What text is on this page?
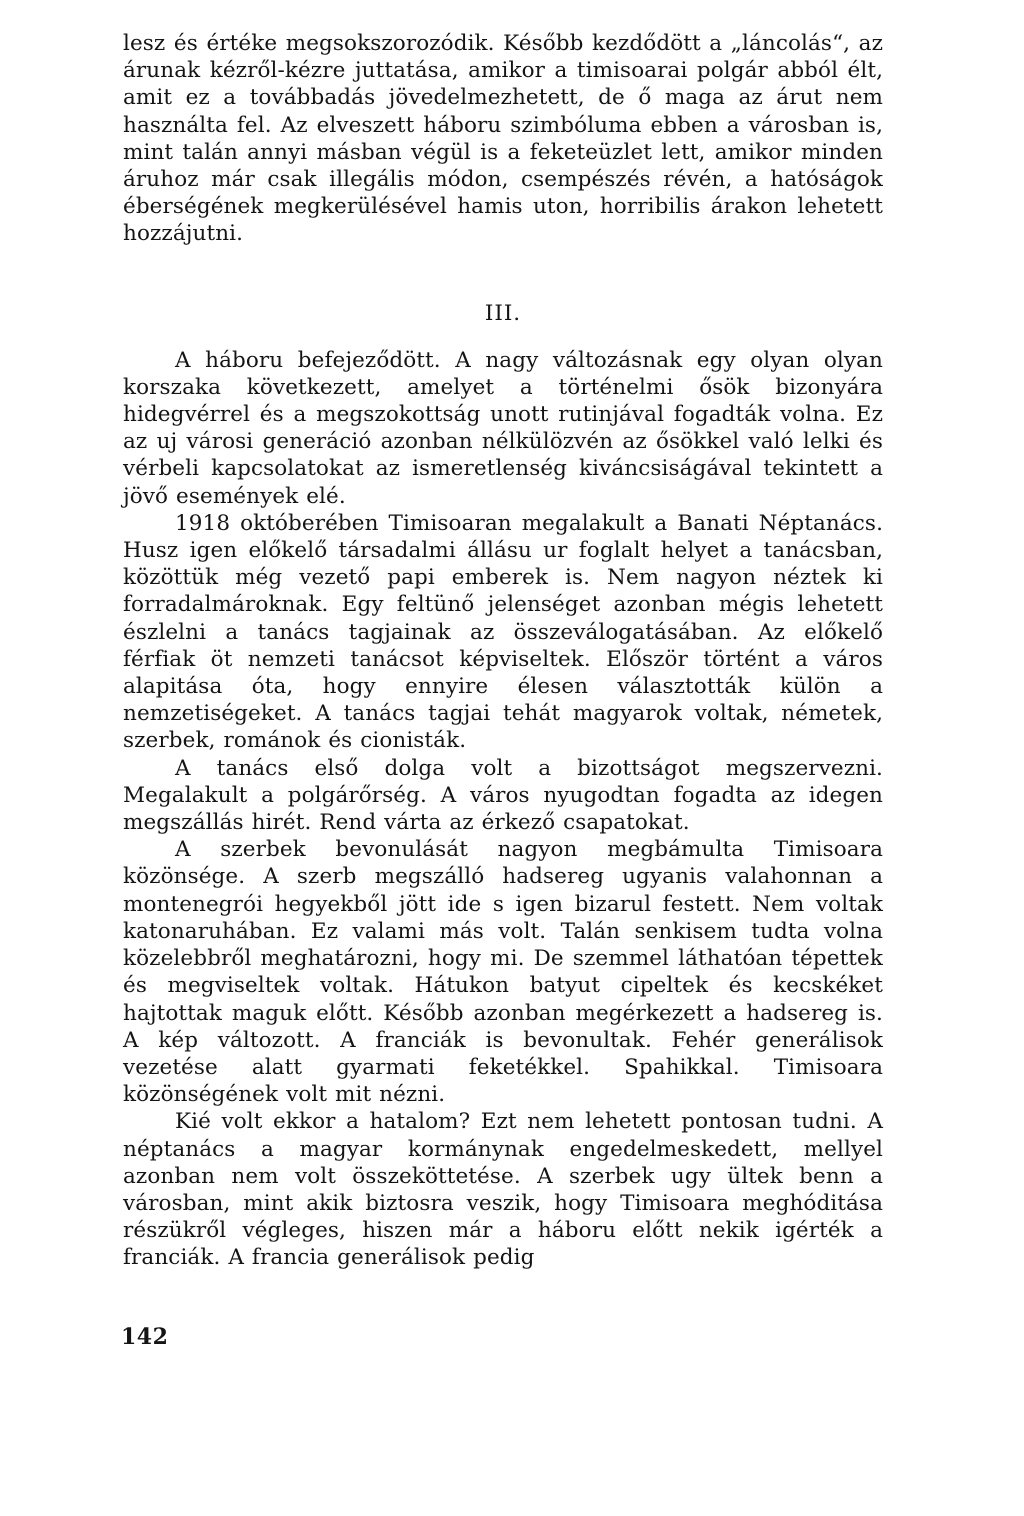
lesz és értéke megsokszorozódik. Később kezdődött a „láncolás“, az árunak kézről-kézre juttatása, amikor a timisoarai polgár abból élt, amit ez a továbbadás jövedelmezhetett, de ő maga az árut nem használta fel. Az elveszett háboru szimbóluma ebben a városban is, mint talán annyi másban végül is a feketeüzlet lett, amikor minden áruhoz már csak illegális módon, csempészés révén, a hatóságok éberségének megkerülésével hamis uton, horribilis árakon lehetett hozzájutni.

III.

A háboru befejeződött. A nagy változásnak egy olyan olyan korszaka következett, amelyet a történelmi ősök bizonyára hidegvérrel és a megszokottság unott rutinjával fogadták volna. Ez az uj városi generáció azonban nélkülözvén az ősökkel való lelki és vérbeli kapcsolatokat az ismeretlenség kiváncsiságával tekintett a jövő események elé.

1918 októberében Timisoaran megalakult a Banati Néptanács. Husz igen előkelő társadalmi állásu ur foglalt helyet a tanácsban, közöttük még vezető papi emberek is. Nem nagyon néztek ki forradalmároknak. Egy feltünő jelenséget azonban mégis lehetett észlelni a tanács tagjainak az összeválogatásában. Az előkelő férfiak öt nemzeti tanácsot képviseltek. Először történt a város alapitása óta, hogy ennyire élesen választották külön a nemzetiségeket. A tanács tagjai tehát magyarok voltak, németek, szerbek, románok és cionisták.

A tanács első dolga volt a bizottságot megszervezni. Megalakult a polgárőrség. A város nyugodtan fogadta az idegen megszállás hirét. Rend várta az érkező csapatokat.

A szerbek bevonulását nagyon megbámulta Timisoara közönsége. A szerb megszálló hadsereg ugyanis valahonnan a montenegrói hegyekből jött ide s igen bizarul festett. Nem voltak katonaruhában. Ez valami más volt. Talán senkisem tudta volna közelebbről meghatározni, hogy mi. De szemmel láthatóan tépettek és megviseltek voltak. Hátukon batyut cipeltek és kecskéket hajtottak maguk előtt. Később azonban megérkezett a hadsereg is. A kép változott. A franciák is bevonultak. Fehér generálisok vezetése alatt gyarmati feketékkel. Spahikkal. Timisoara közönségének volt mit nézni.

Kié volt ekkor a hatalom? Ezt nem lehetett pontosan tudni. A néptanács a magyar kormánynak engedelmeskedett, mellyel azonban nem volt összeköttetése. A szerbek ugy ültek benn a városban, mint akik biztosra veszik, hogy Timisoara meghóditása részükről végleges, hiszen már a háboru előtt nekik igérték a franciák. A francia generálisok pedig

142
